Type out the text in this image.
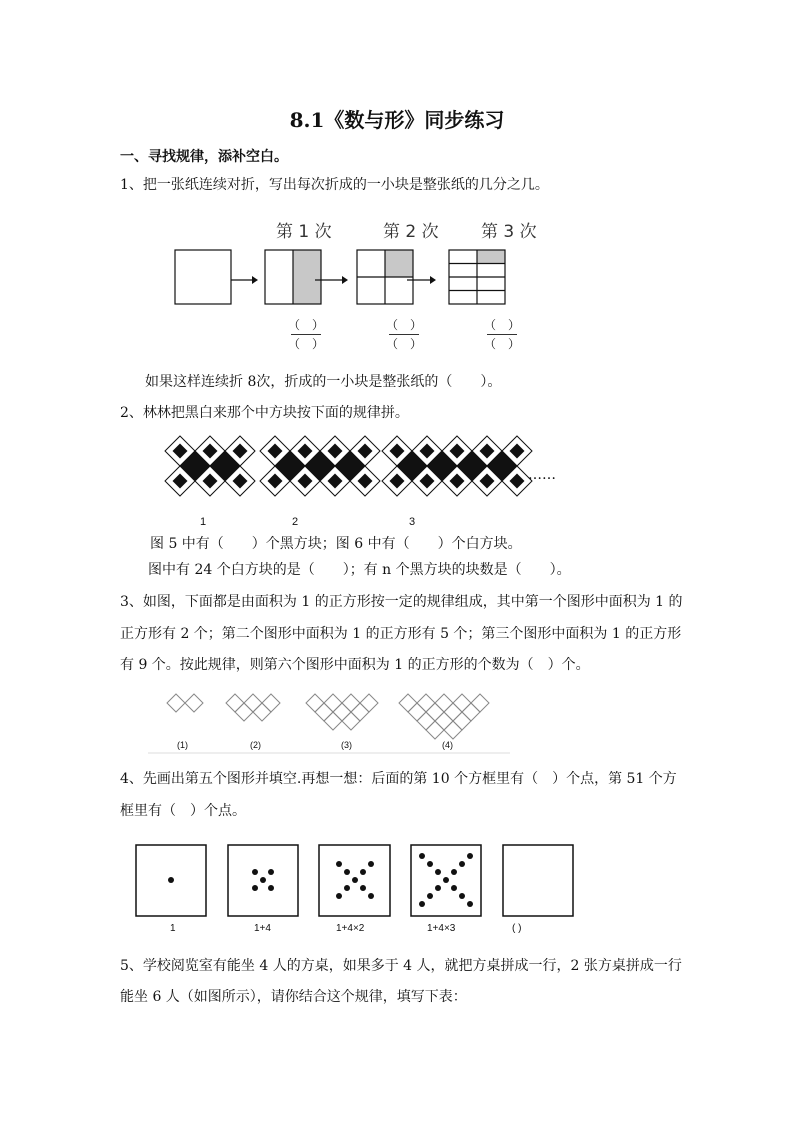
8.1《数与形》同步练习
一、寻找规律，添补空白。
1、把一张纸连续对折，写出每次折成的一小块是整张纸的几分之几。
第 1 次	第 2 次 第 3 次
（　）
（　）
（　）
（　）
（　）
（　）
如果这样连续折 8次，折成的一小块是整张纸的（　　）。
2、林林把黑白来那个中方块按下面的规律拼。
……
1	2	3
图 5 中有（　　）个黑方块；图 6 中有（　　）个白方块。
图中有 24 个白方块的是（　　）；有 n 个黑方块的块数是（　　）。
3、如图，下面都是由面积为 1 的正方形按一定的规律组成，其中第一个图形中面积为 1 的
正方形有 2 个；第二个图形中面积为 1 的正方形有 5 个；第三个图形中面积为 1 的正方形
有 9 个。按此规律，则第六个图形中面积为 1 的正方形的个数为（　）个。
(1)	(2)	(3)	(4)
4、先画出第五个图形并填空.再想一想：后面的第 10 个方框里有（　）个点，第 51 个方
框里有（　）个点。
1	1+4	1+4×2	1+4×3	( )
5、学校阅览室有能坐 4 人的方桌，如果多于 4 人，就把方桌拼成一行，2 张方桌拼成一行
能坐 6 人（如图所示），请你结合这个规律，填写下表：
